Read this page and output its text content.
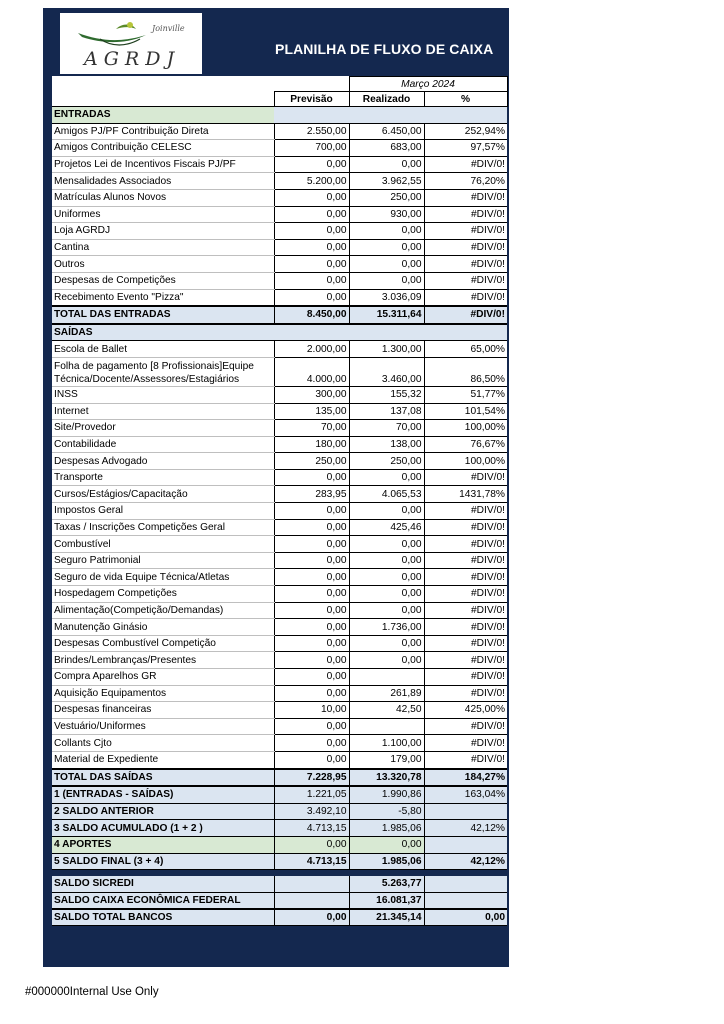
Joinville
AGRDJ	PLANILHA DE FLUXO DE CAIXA
		Março 2024	
	Previsão	Realizado	%
ENTRADAS			
Amigos PJ/PF Contribuição Direta	2.550,00	6.450,00	252,94%
Amigos Contribuição CELESC	700,00	683,00	97,57%
Projetos Lei de Incentivos Fiscais PJ/PF	0,00	0,00	#DIV/0!
Mensalidades Associados	5.200,00	3.962,55	76,20%
Matrículas Alunos Novos	0,00	250,00	#DIV/0!
Uniformes	0,00	930,00	#DIV/0!
Loja AGRDJ	0,00	0,00	#DIV/0!
Cantina	0,00	0,00	#DIV/0!
Outros	0,00	0,00	#DIV/0!
Despesas de Competições	0,00	0,00	#DIV/0!
Recebimento Evento "Pizza"	0,00	3.036,09	#DIV/0!
TOTAL DAS ENTRADAS	8.450,00	15.311,64	#DIV/0!
SAÍDAS			
Escola de Ballet	2.000,00	1.300,00	65,00%
Folha de pagamento [8 Profissionais]Equipe Técnica/Docente/Assessores/Estagiários	4.000,00	3.460,00	86,50%
INSS	300,00	155,32	51,77%
Internet	135,00	137,08	101,54%
Site/Provedor	70,00	70,00	100,00%
Contabilidade	180,00	138,00	76,67%
Despesas Advogado	250,00	250,00	100,00%
Transporte	0,00	0,00	#DIV/0!
Cursos/Estágios/Capacitação	283,95	4.065,53	1431,78%
Impostos Geral	0,00	0,00	#DIV/0!
Taxas / Inscrições Competições Geral	0,00	425,46	#DIV/0!
Combustível	0,00	0,00	#DIV/0!
Seguro Patrimonial	0,00	0,00	#DIV/0!
Seguro de vida Equipe Técnica/Atletas	0,00	0,00	#DIV/0!
Hospedagem Competições	0,00	0,00	#DIV/0!
Alimentação(Competição/Demandas)	0,00	0,00	#DIV/0!
Manutenção Ginásio	0,00	1.736,00	#DIV/0!
Despesas Combustível Competição	0,00	0,00	#DIV/0!
Brindes/Lembranças/Presentes	0,00	0,00	#DIV/0!
Compra Aparelhos GR	0,00		#DIV/0!
Aquisição Equipamentos	0,00	261,89	#DIV/0!
Despesas financeiras	10,00	42,50	425,00%
Vestuário/Uniformes	0,00		#DIV/0!
Collants Cjto	0,00	1.100,00	#DIV/0!
Material de Expediente	0,00	179,00	#DIV/0!
TOTAL DAS SAÍDAS	7.228,95	13.320,78	184,27%
1 (ENTRADAS - SAÍDAS)	1.221,05	1.990,86	163,04%
2 SALDO ANTERIOR	3.492,10	-5,80	
3 SALDO ACUMULADO (1 + 2 )	4.713,15	1.985,06	42,12%
4 APORTES	0,00	0,00	
5 SALDO FINAL (3 + 4)	4.713,15	1.985,06	42,12%

SALDO SICREDI		5.263,77	
SALDO CAIXA ECONÔMICA FEDERAL		16.081,37	
SALDO TOTAL BANCOS	0,00	21.345,14	0,00
#000000Internal Use Only
